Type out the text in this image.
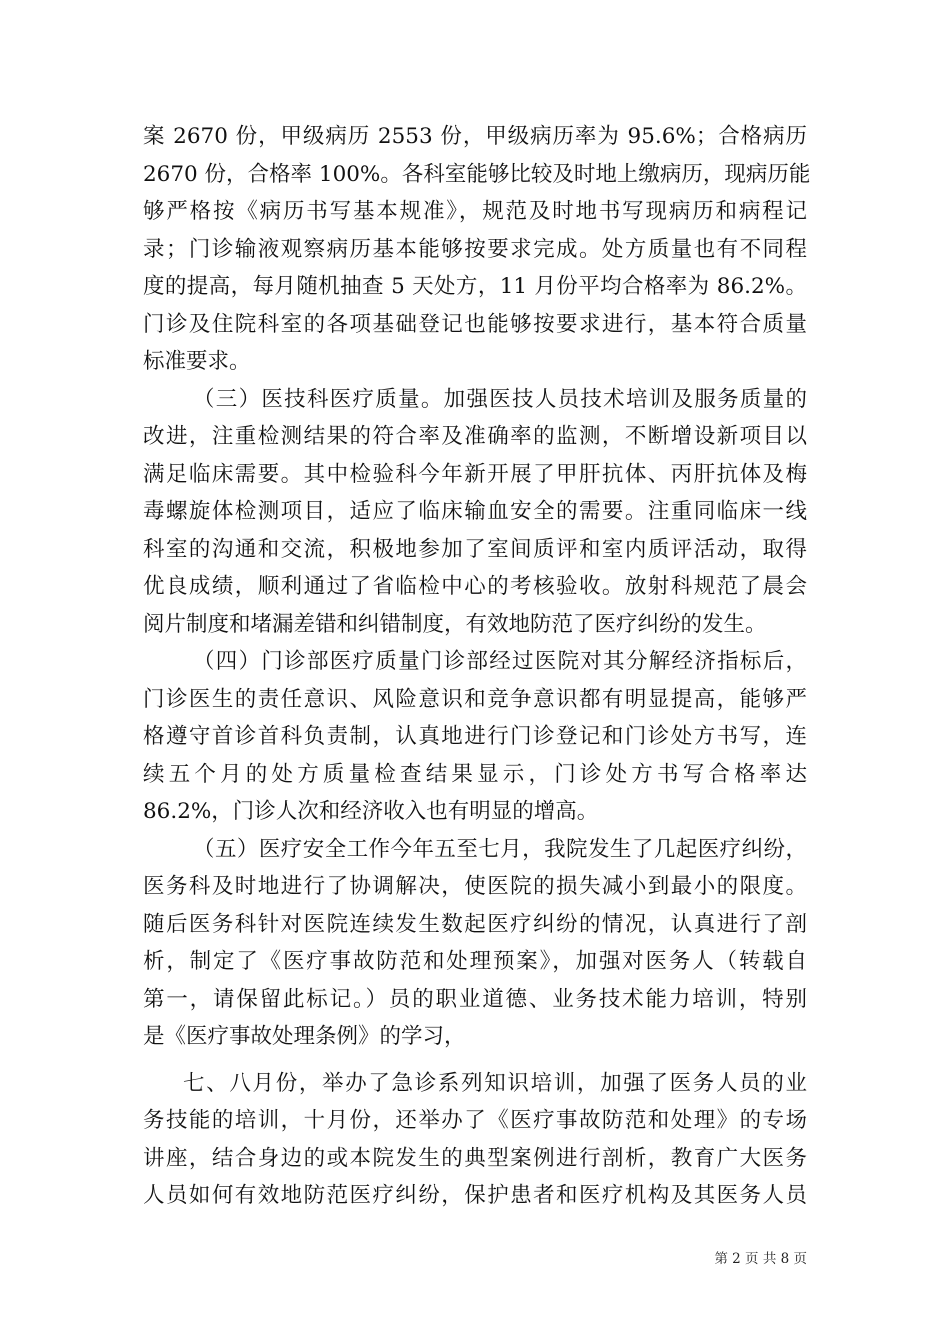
案 2670 份，甲级病历 2553 份，甲级病历率为 95.6%；合格病历
2670 份，合格率 100%。各科室能够比较及时地上缴病历，现病历能
够严格按《病历书写基本规准》，规范及时地书写现病历和病程记
录；门诊输液观察病历基本能够按要求完成。处方质量也有不同程
度的提高，每月随机抽查 5 天处方，11 月份平均合格率为 86.2%。
门诊及住院科室的各项基础登记也能够按要求进行，基本符合质量
标准要求。
（三）医技科医疗质量。加强医技人员技术培训及服务质量的
改进，注重检测结果的符合率及准确率的监测，不断增设新项目以
满足临床需要。其中检验科今年新开展了甲肝抗体、丙肝抗体及梅
毒螺旋体检测项目，适应了临床输血安全的需要。注重同临床一线
科室的沟通和交流，积极地参加了室间质评和室内质评活动，取得
优良成绩，顺利通过了省临检中心的考核验收。放射科规范了晨会
阅片制度和堵漏差错和纠错制度，有效地防范了医疗纠纷的发生。
（四）门诊部医疗质量门诊部经过医院对其分解经济指标后，
门诊医生的责任意识、风险意识和竞争意识都有明显提高，能够严
格遵守首诊首科负责制，认真地进行门诊登记和门诊处方书写，连
续五个月的处方质量检查结果显示，门诊处方书写合格率达
86.2%，门诊人次和经济收入也有明显的增高。
（五）医疗安全工作今年五至七月，我院发生了几起医疗纠纷，
医务科及时地进行了协调解决，使医院的损失减小到最小的限度。
随后医务科针对医院连续发生数起医疗纠纷的情况，认真进行了剖
析，制定了《医疗事故防范和处理预案》，加强对医务人（转载自
第一，请保留此标记。）员的职业道德、业务技术能力培训，特别
是《医疗事故处理条例》的学习，
七、八月份，举办了急诊系列知识培训，加强了医务人员的业
务技能的培训，十月份，还举办了《医疗事故防范和处理》的专场
讲座，结合身边的或本院发生的典型案例进行剖析，教育广大医务
人员如何有效地防范医疗纠纷，保护患者和医疗机构及其医务人员
第 2 页 共 8 页
